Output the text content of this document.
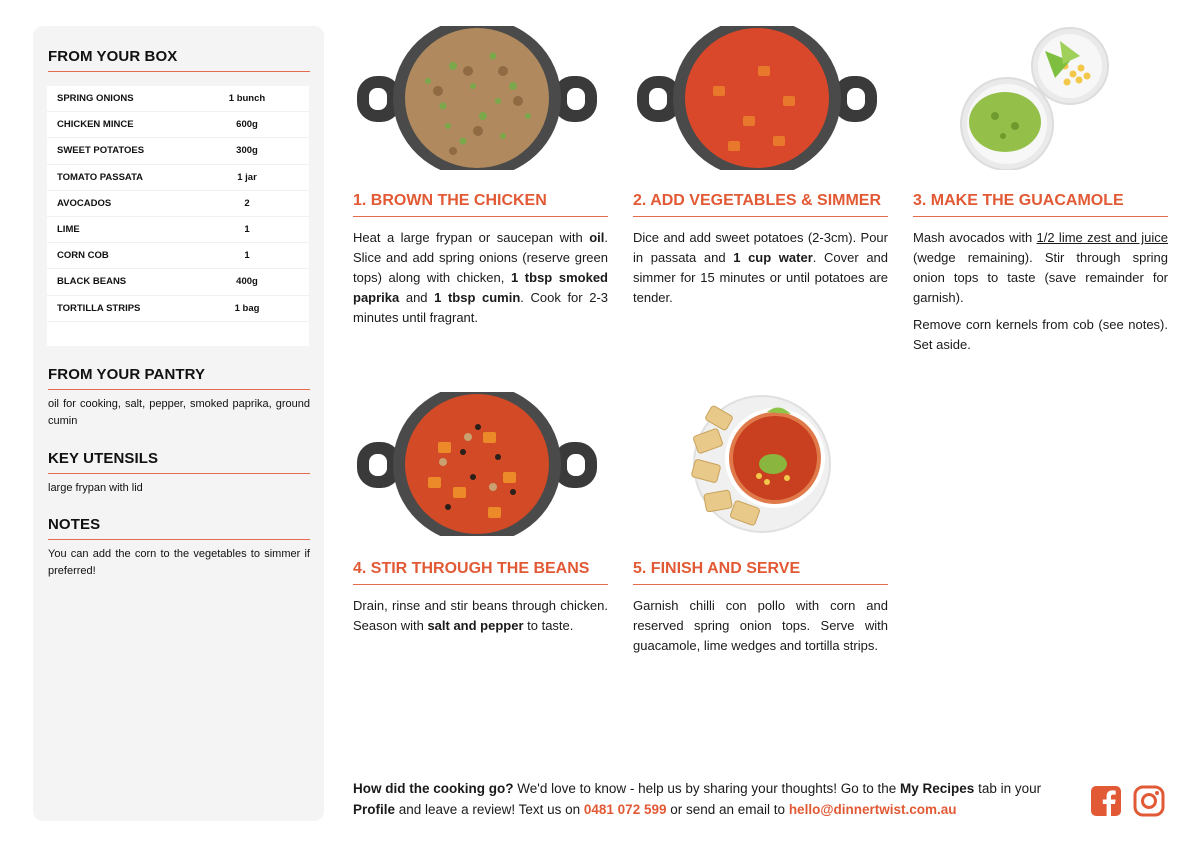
FROM YOUR BOX
SPRING ONIONS	1 bunch
CHICKEN MINCE	600g
SWEET POTATOES	300g
TOMATO PASSATA	1 jar
AVOCADOS	2
LIME	1
CORN COB	1
BLACK BEANS	400g
TORTILLA STRIPS	1 bag
FROM YOUR PANTRY
oil for cooking, salt, pepper, smoked paprika, ground cumin
KEY UTENSILS
large frypan with lid
NOTES
You can add the corn to the vegetables to simmer if preferred!
1. BROWN THE CHICKEN

Heat a large frypan or saucepan with oil. Slice and add spring onions (reserve green tops) along with chicken, 1 tbsp smoked paprika and 1 tbsp cumin. Cook for 2-3 minutes until fragrant.

2. ADD VEGETABLES & SIMMER

Dice and add sweet potatoes (2-3cm). Pour in passata and 1 cup water. Cover and simmer for 15 minutes or until potatoes are tender.

3. MAKE THE GUACAMOLE

Mash avocados with 1/2 lime zest and juice (wedge remaining). Stir through spring onion tops to taste (save remainder for garnish).

Remove corn kernels from cob (see notes). Set aside.

4. STIR THROUGH THE BEANS

Drain, rinse and stir beans through chicken. Season with salt and pepper to taste.

5. FINISH AND SERVE

Garnish chilli con pollo with corn and reserved spring onion tops. Serve with guacamole, lime wedges and tortilla strips.

How did the cooking go? We'd love to know - help us by sharing your thoughts! Go to the My Recipes tab in your Profile and leave a review! Text us on 0481 072 599 or send an email to hello@dinnertwist.com.au
